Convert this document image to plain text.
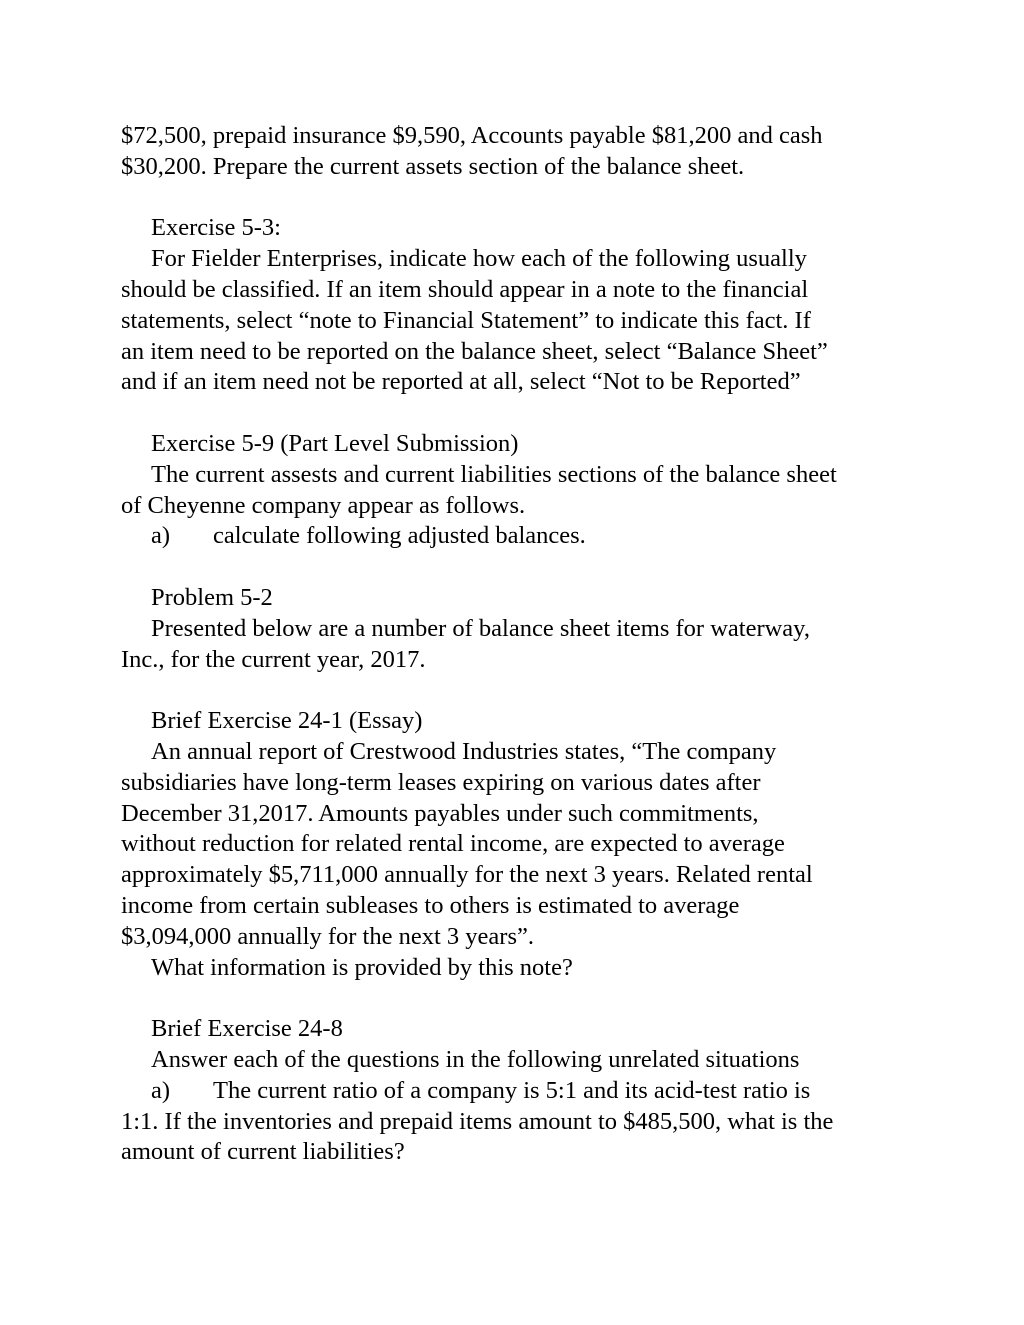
$72,500, prepaid insurance $9,590, Accounts payable $81,200 and cash
$30,200. Prepare the current assets section of the balance sheet.
Exercise 5-3:
For Fielder Enterprises, indicate how each of the following usually
should be classified. If an item should appear in a note to the financial
statements, select “note to Financial Statement” to indicate this fact. If
an item need to be reported on the balance sheet, select “Balance Sheet”
and if an item need not be reported at all, select “Not to be Reported”
Exercise 5-9 (Part Level Submission)
The current assests and current liabilities sections of the balance sheet
of Cheyenne company appear as follows.
a) calculate following adjusted balances.
Problem 5-2
Presented below are a number of balance sheet items for waterway,
Inc., for the current year, 2017.
Brief Exercise 24-1 (Essay)
An annual report of Crestwood Industries states, “The company
subsidiaries have long-term leases expiring on various dates after
December 31,2017. Amounts payables under such commitments,
without reduction for related rental income, are expected to average
approximately $5,711,000 annually for the next 3 years. Related rental
income from certain subleases to others is estimated to average
$3,094,000 annually for the next 3 years”.
What information is provided by this note?
Brief Exercise 24-8
Answer each of the questions in the following unrelated situations
a) The current ratio of a company is 5:1 and its acid-test ratio is
1:1. If the inventories and prepaid items amount to $485,500, what is the
amount of current liabilities?
